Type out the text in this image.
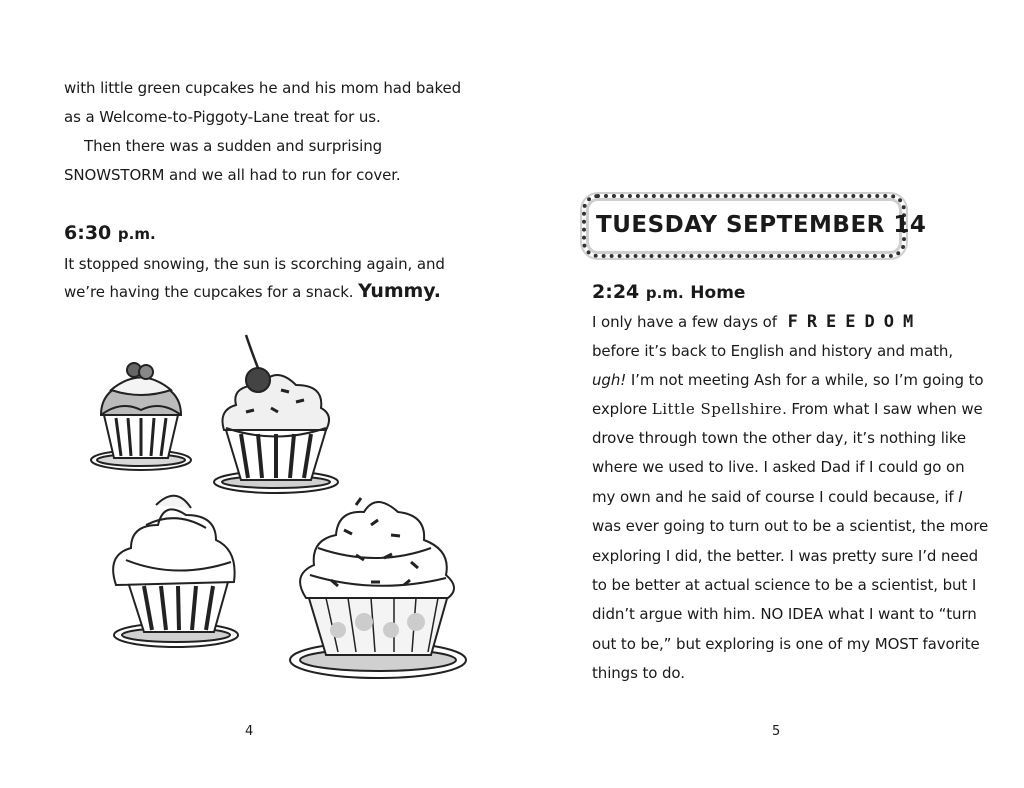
with little green cupcakes he and his mom had baked
as a Welcome-to-Piggoty-Lane treat for us.
Then there was a sudden and surprising
SNOWSTORM and we all had to run for cover.
6:30 p.m.
It stopped snowing, the sun is scorching again, and
we’re having the cupcakes for a snack. Yummy.
4
TUESDAY SEPTEMBER 14
2:24 p.m. Home
I only have a few days of FREEDOM
before it’s back to English and history and math,
ugh! I’m not meeting Ash for a while, so I’m going to
explore Little Spellshire. From what I saw when we
drove through town the other day, it’s nothing like
where we used to live. I asked Dad if I could go on
my own and he said of course I could because, if I
was ever going to turn out to be a scientist, the more
exploring I did, the better. I was pretty sure I’d need
to be better at actual science to be a scientist, but I
didn’t argue with him. NO IDEA what I want to “turn
out to be,” but exploring is one of my MOST favorite
things to do.
5
